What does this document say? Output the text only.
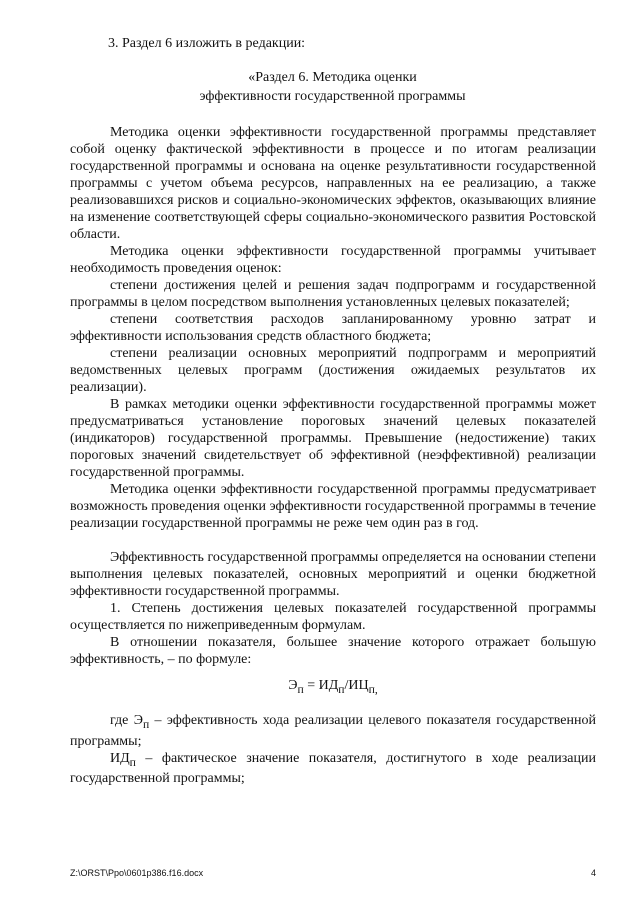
3. Раздел 6 изложить в редакции:

«Раздел 6. Методика оценки
эффективности государственной программы

Методика оценки эффективности государственной программы представляет собой оценку фактической эффективности в процессе и по итогам реализации государственной программы и основана на оценке результативности государственной программы с учетом объема ресурсов, направленных на ее реализацию, а также реализовавшихся рисков и социально-экономических эффектов, оказывающих влияние на изменение соответствующей сферы социально-экономического развития Ростовской области.

Методика оценки эффективности государственной программы учитывает необходимость проведения оценок:

степени достижения целей и решения задач подпрограмм и государственной программы в целом посредством выполнения установленных целевых показателей;

степени соответствия расходов запланированному уровню затрат и эффективности использования средств областного бюджета;

степени реализации основных мероприятий подпрограмм и мероприятий ведомственных целевых программ (достижения ожидаемых результатов их реализации).

В рамках методики оценки эффективности государственной программы может предусматриваться установление пороговых значений целевых показателей (индикаторов) государственной программы. Превышение (недостижение) таких пороговых значений свидетельствует об эффективной (неэффективной) реализации государственной программы.

Методика оценки эффективности государственной программы предусматривает возможность проведения оценки эффективности государственной программы в течение реализации государственной программы не реже чем один раз в год.

Эффективность государственной программы определяется на основании степени выполнения целевых показателей, основных мероприятий и оценки бюджетной эффективности государственной программы.

1. Степень достижения целевых показателей государственной программы осуществляется по нижеприведенным формулам.

В отношении показателя, большее значение которого отражает большую эффективность, – по формуле:

$Э_п = ИД_п/ИЦ_{п,}$

где $Э_п$ – эффективность хода реализации целевого показателя государственной программы;

$ИД_п$ – фактическое значение показателя, достигнутого в ходе реализации государственной программы;

Z:\ORST\Ppo\0601p386.f16.docx	4
